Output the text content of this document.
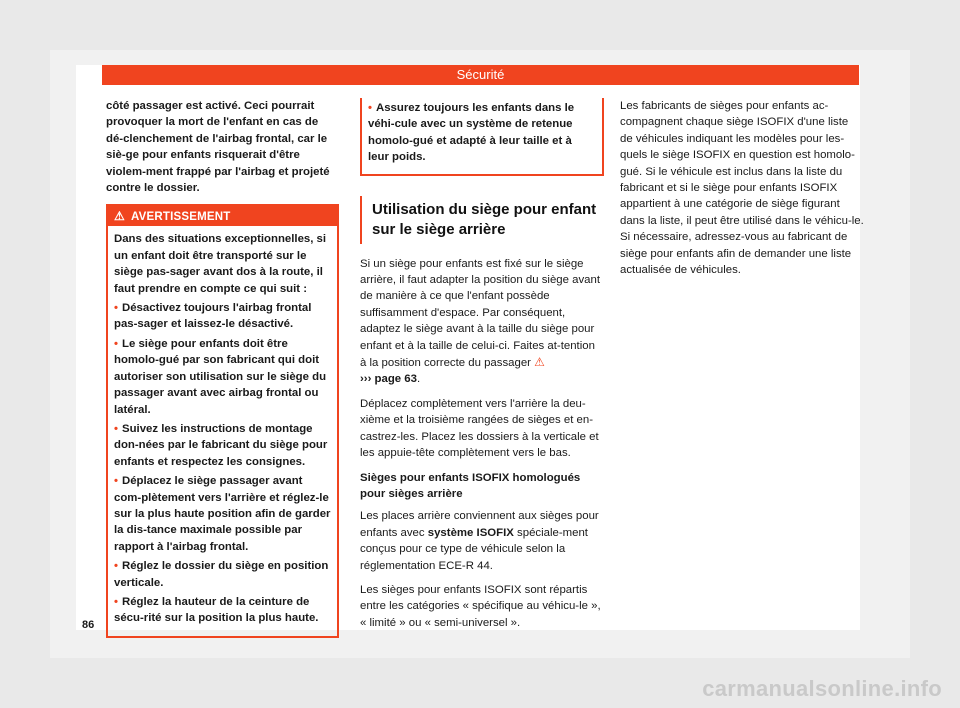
Sécurité

côté passager est activé. Ceci pourrait provoquer la mort de l'enfant en cas de dé-clenchement de l'airbag frontal, car le siè-ge pour enfants risquerait d'être violem-ment frappé par l'airbag et projeté contre le dossier.

⚠ AVERTISSEMENT

Dans des situations exceptionnelles, si un enfant doit être transporté sur le siège pas-sager avant dos à la route, il faut prendre en compte ce qui suit :

• Désactivez toujours l'airbag frontal pas-sager et laissez-le désactivé.

• Le siège pour enfants doit être homolo-gué par son fabricant qui doit autoriser son utilisation sur le siège du passager avant avec airbag frontal ou latéral.

• Suivez les instructions de montage don-nées par le fabricant du siège pour enfants et respectez les consignes.

• Déplacez le siège passager avant com-plètement vers l'arrière et réglez-le sur la plus haute position afin de garder la dis-tance maximale possible par rapport à l'airbag frontal.

• Réglez le dossier du siège en position verticale.

• Réglez la hauteur de la ceinture de sécu-rité sur la position la plus haute.

• Assurez toujours les enfants dans le véhi-cule avec un système de retenue homolo-gué et adapté à leur taille et à leur poids.
Utilisation du siège pour enfant sur le siège arrière

Si un siège pour enfants est fixé sur le siège arrière, il faut adapter la position du siège avant de manière à ce que l'enfant possède suffisamment d'espace. Par conséquent, adaptez le siège avant à la taille du siège pour enfant et à la taille de celui-ci. Faites at-tention à la position correcte du passager ⚠
››› page 63.

Déplacez complètement vers l'arrière la deu-xième et la troisième rangées de sièges et en-castrez-les. Placez les dossiers à la verticale et les appuie-tête complètement vers le bas.

Sièges pour enfants ISOFIX homologués pour sièges arrière

Les places arrière conviennent aux sièges pour enfants avec système ISOFIX spéciale-ment conçus pour ce type de véhicule selon la réglementation ECE-R 44.

Les sièges pour enfants ISOFIX sont répartis entre les catégories « spécifique au véhicu-le », « limité » ou « semi-universel ».

Les fabricants de sièges pour enfants ac-compagnent chaque siège ISOFIX d'une liste de véhicules indiquant les modèles pour les-quels le siège ISOFIX en question est homolo-gué. Si le véhicule est inclus dans la liste du fabricant et si le siège pour enfants ISOFIX appartient à une catégorie de siège figurant dans la liste, il peut être utilisé dans le véhicu-le. Si nécessaire, adressez-vous au fabricant de siège pour enfants afin de demander une liste actualisée de véhicules.

86
carmanualsonline.info
